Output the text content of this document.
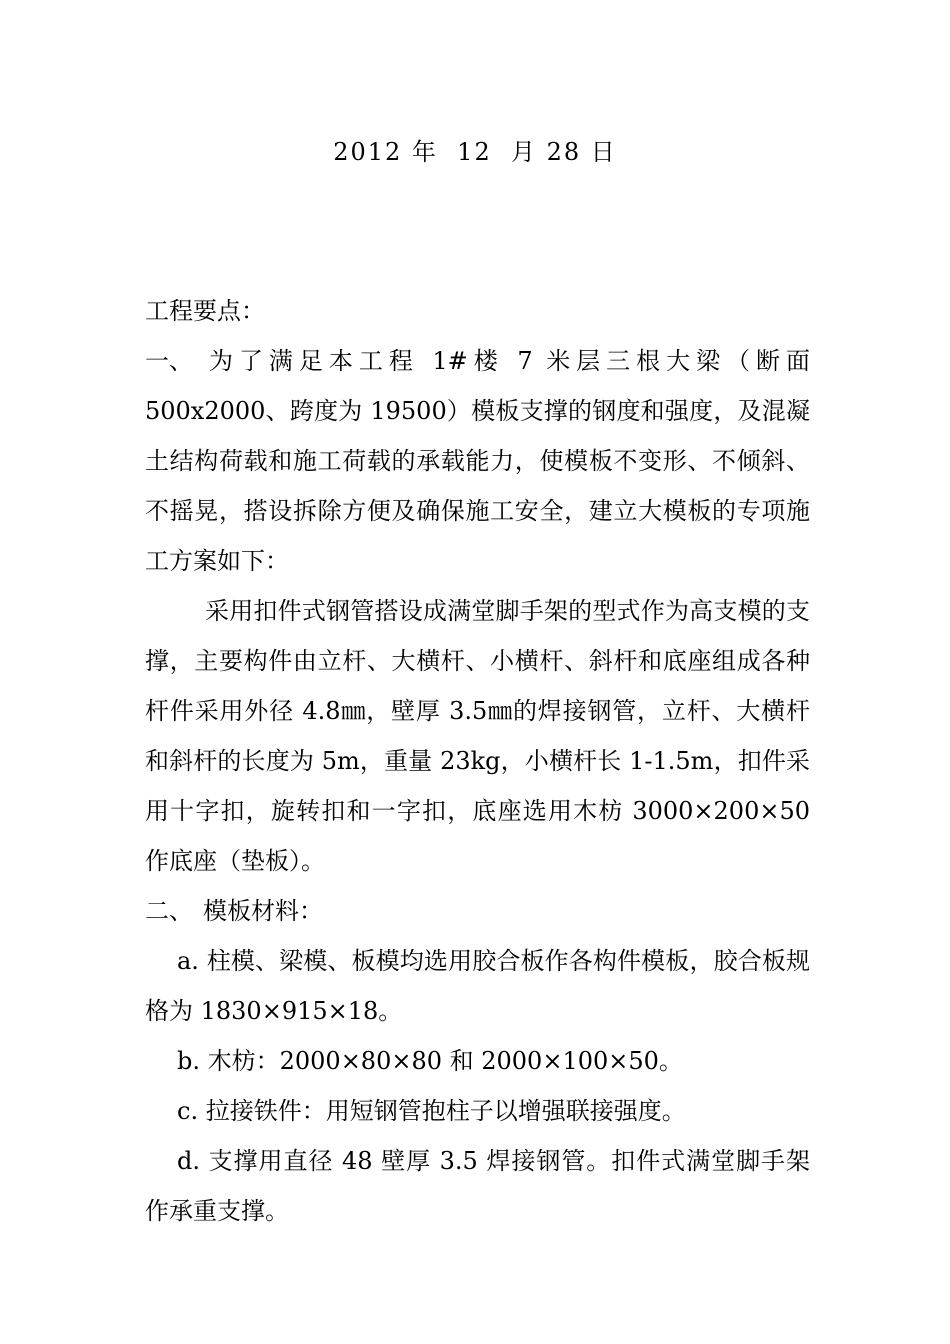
2012 年  12  月 28 日

工程要点：

一、 为了满足本工程 1#楼 7 米层三根大梁（断面 500x2000、跨度为 19500）模板支撑的钢度和强度，及混凝土结构荷载和施工荷载的承载能力，使模板不变形、不倾斜、不摇晃，搭设拆除方便及确保施工安全，建立大模板的专项施工方案如下：

采用扣件式钢管搭设成满堂脚手架的型式作为高支模的支撑，主要构件由立杆、大横杆、小横杆、斜杆和底座组成各种杆件采用外径 4.8㎜，壁厚 3.5㎜的焊接钢管，立杆、大横杆和斜杆的长度为 5m，重量 23kg，小横杆长 1-1.5m，扣件采用十字扣，旋转扣和一字扣，底座选用木枋 3000×200×50 作底座（垫板）。

二、 模板材料：

a. 柱模、梁模、板模均选用胶合板作各构件模板，胶合板规格为 1830×915×18。

b. 木枋：2000×80×80 和 2000×100×50。

c. 拉接铁件：用短钢管抱柱子以增强联接强度。

d. 支撑用直径 48 壁厚 3.5 焊接钢管。扣件式满堂脚手架作承重支撑。
